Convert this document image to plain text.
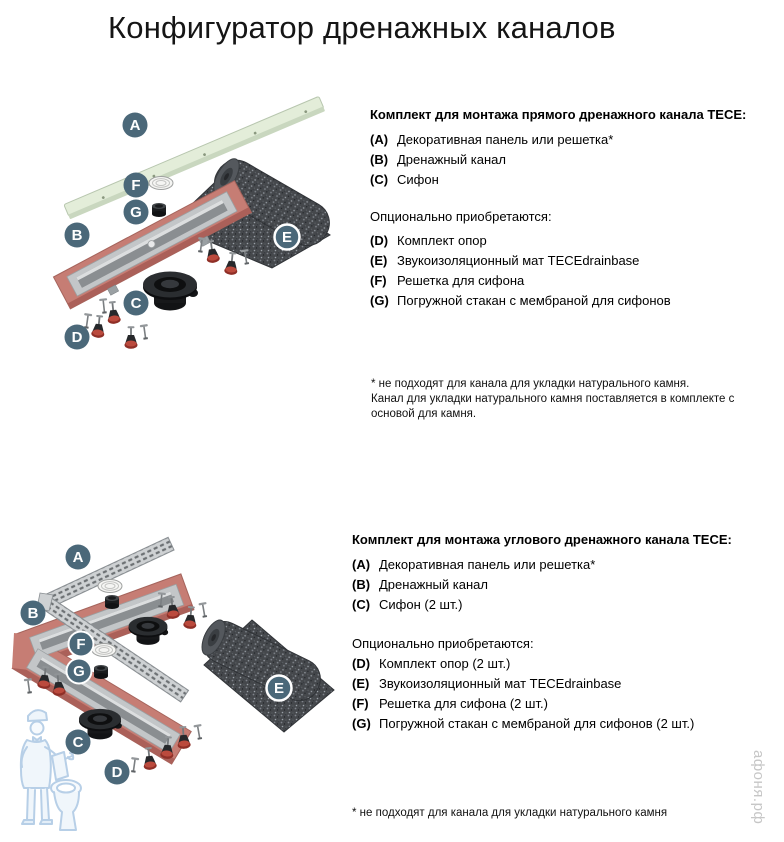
A
F
G
B	E
C
D
A
B
F
G
C
D
E
Конфигуратор дренажных каналов
Комплект для монтажа прямого дренажного канала TECE:
(A) Декоративная панель или решетка*
(B) Дренажный канал
(C) Сифон
Опционально приобретаются:
(D) Комплект опор
(E) Звукоизоляционный мат TECEdrainbase
(F) Решетка для сифона
(G) Погружной стакан с мембраной для сифонов
* не подходят для канала для укладки натурального камня.
Канал для укладки натурального камня поставляется в комплекте с
основой для камня.
Комплект для монтажа углового дренажного канала TECE:
(A) Декоративная панель или решетка*
(B) Дренажный канал
(C) Сифон (2 шт.)
Опционально приобретаются:
(D) Комплект опор (2 шт.)
(E) Звукоизоляционный мат TECEdrainbase
(F) Решетка для сифона (2 шт.)
(G) Погружной стакан с мембраной для сифонов (2 шт.)
* не подходят для канала для укладки натурального камня	афоня.рф
